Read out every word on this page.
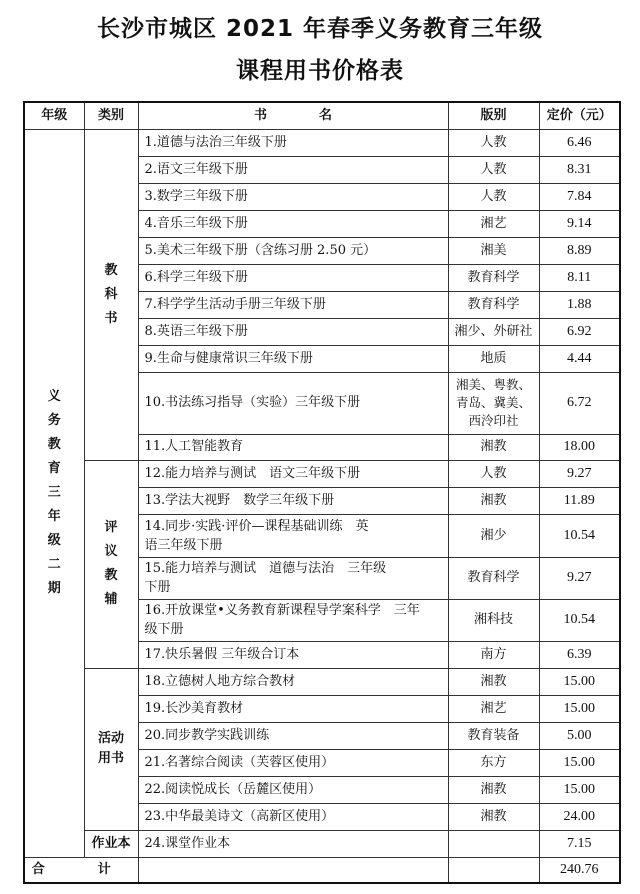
长沙市城区 2021 年春季义务教育三年级
课程用书价格表
年级	类别	书　　　　名	版别	定价（元）

义务教育三年级二期	教科书	1.道德与法治三年级下册	人教	6.46
		2.语文三年级下册	人教	8.31
		3.数学三年级下册	人教	7.84
		4.音乐三年级下册	湘艺	9.14
		5.美术三年级下册（含练习册 2.50 元）	湘美	8.89
		6.科学三年级下册	教育科学	8.11
		7.科学学生活动手册三年级下册	教育科学	1.88
		8.英语三年级下册	湘少、外研社	6.92
		9.生命与健康常识三年级下册	地质	4.44
		10.书法练习指导（实验）三年级下册	湘美、粤教、青岛、冀美、西泠印社	6.72
		11.人工智能教育	湘教	18.00

	评议教辅	12.能力培养与测试　语文三年级下册	人教	9.27
		13.学法大视野　数学三年级下册	湘教	11.89
		14.同步·实践·评价—课程基础训练　英语三年级下册	湘少	10.54
		15.能力培养与测试　道德与法治　三年级下册	教育科学	9.27
		16.开放课堂•义务教育新课程导学案科学　三年级下册	湘科技	10.54
		17.快乐暑假 三年级合订本	南方	6.39

	活动用书	18.立德树人地方综合教材	湘教	15.00
		19.长沙美育教材	湘艺	15.00
		20.同步教学实践训练	教育装备	5.00
		21.名著综合阅读（芙蓉区使用）	东方	15.00
		22.阅读悦成长（岳麓区使用）	湘教	15.00
		23.中华最美诗文（高新区使用）	湘教	24.00
	作业本	24.课堂作业本		7.15
合　计				240.76
